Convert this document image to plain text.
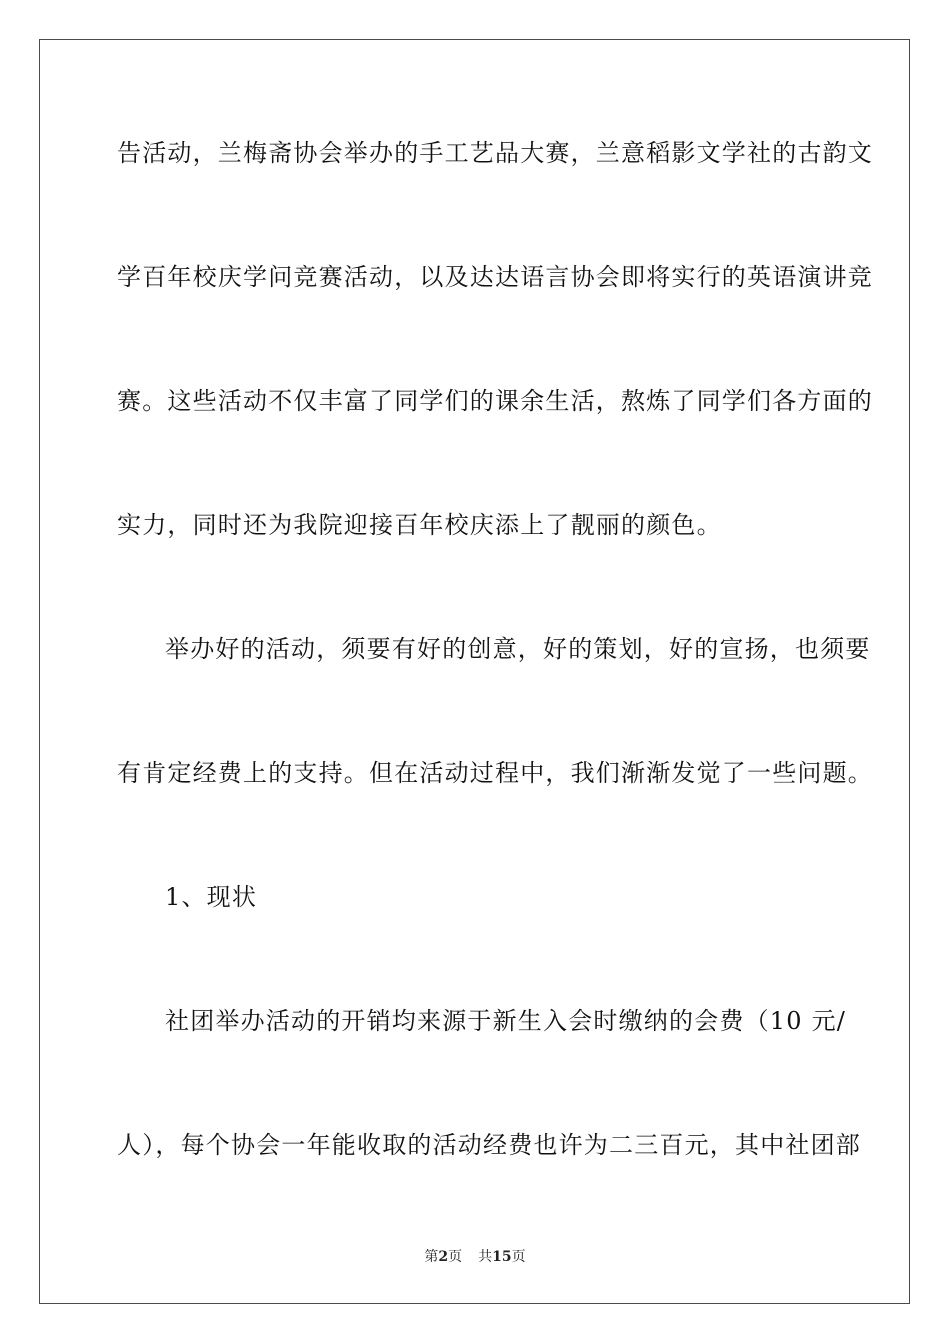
告活动，兰梅斋协会举办的手工艺品大赛，兰意稻影文学社的古韵文
学百年校庆学问竞赛活动，以及达达语言协会即将实行的英语演讲竞
赛。这些活动不仅丰富了同学们的课余生活，熬炼了同学们各方面的
实力，同时还为我院迎接百年校庆添上了靓丽的颜色。
举办好的活动，须要有好的创意，好的策划，好的宣扬，也须要
有肯定经费上的支持。但在活动过程中，我们渐渐发觉了一些问题。
1、现状
社团举办活动的开销均来源于新生入会时缴纳的会费（10 元/
人），每个协会一年能收取的活动经费也许为二三百元，其中社团部
第2页 共15页
